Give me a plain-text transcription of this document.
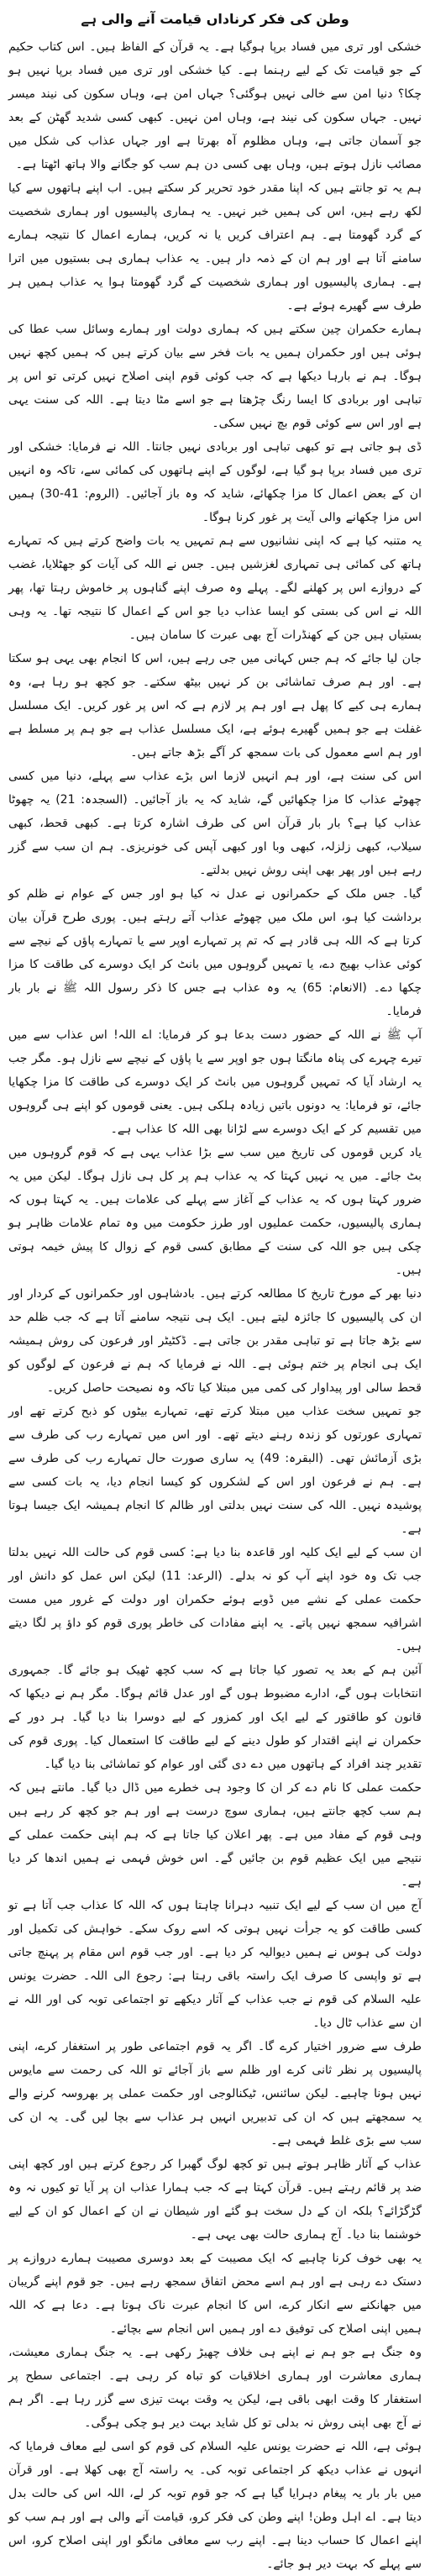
وطن کی فکر کرناداں قیامت آنے والی ہے

خشکی اور تری میں فساد برپا ہوگیا ہے۔ یہ قرآن کے الفاظ ہیں۔ اس کتاب حکیم کے جو قیامت تک کے لیے رہنما ہے۔ کیا خشکی اور تری میں فساد برپا نہیں ہو چکا؟ دنیا امن سے خالی نہیں ہوگئی؟ جہاں امن ہے، وہاں سکون کی نیند میسر نہیں۔ جہاں سکون کی نیند ہے، وہاں امن نہیں۔ کبھی کسی شدید گھٹن کے بعد جو آسمان جاتی ہے، وہاں مظلوم آہ بھرتا ہے اور جہاں عذاب کی شکل میں مصائب نازل ہوتے ہیں، وہاں بھی کسی دن ہم سب کو جگانے والا ہاتھ اٹھتا ہے۔

ہم یہ تو جانتے ہیں کہ اپنا مقدر خود تحریر کر سکتے ہیں۔ اب اپنے ہاتھوں سے کیا لکھ رہے ہیں، اس کی ہمیں خبر نہیں۔ یہ ہماری پالیسیوں اور ہماری شخصیت کے گرد گھومتا ہے۔ ہم اعتراف کریں یا نہ کریں، ہمارے اعمال کا نتیجہ ہمارے سامنے آتا ہے اور ہم ان کے ذمہ دار ہیں۔ یہ عذاب ہماری ہی بستیوں میں اترا ہے۔ ہماری پالیسیوں اور ہماری شخصیت کے گرد گھومتا ہوا یہ عذاب ہمیں ہر طرف سے گھیرے ہوئے ہے۔

ہمارے حکمران چین سکتے ہیں کہ ہماری دولت اور ہمارے وسائل سب عطا کی ہوئی ہیں اور حکمران ہمیں یہ بات فخر سے بیان کرتے ہیں کہ ہمیں کچھ نہیں ہوگا۔ ہم نے بارہا دیکھا ہے کہ جب کوئی قوم اپنی اصلاح نہیں کرتی تو اس پر تباہی اور بربادی کا ایسا رنگ چڑھتا ہے جو اسے مٹا دیتا ہے۔ اللہ کی سنت یہی ہے اور اس سے کوئی قوم بچ نہیں سکی۔

ڈی ہو جاتی ہے تو کبھی تباہی اور بربادی نہیں جانتا۔ اللہ نے فرمایا: خشکی اور تری میں فساد برپا ہو گیا ہے، لوگوں کے اپنے ہاتھوں کی کمائی سے، تاکہ وہ انہیں ان کے بعض اعمال کا مزا چکھائے، شاید کہ وہ باز آجائیں۔ (الروم: 41-30) ہمیں اس مزا چکھانے والی آیت پر غور کرنا ہوگا۔

یہ متنبہ کیا ہے کہ اپنی نشانیوں سے ہم تمہیں یہ بات واضح کرتے ہیں کہ تمہارے ہاتھ کی کمائی ہی تمہاری لغزشیں ہیں۔ جس نے اللہ کی آیات کو جھٹلایا، غضب کے دروازے اس پر کھلنے لگے۔ پہلے وہ صرف اپنے گناہوں پر خاموش رہتا تھا، پھر اللہ نے اس کی بستی کو ایسا عذاب دیا جو اس کے اعمال کا نتیجہ تھا۔ یہ وہی بستیاں ہیں جن کے کھنڈرات آج بھی عبرت کا سامان ہیں۔

جان لیا جائے کہ ہم جس کہانی میں جی رہے ہیں، اس کا انجام بھی یہی ہو سکتا ہے۔ اور ہم صرف تماشائی بن کر نہیں بیٹھ سکتے۔ جو کچھ ہو رہا ہے، وہ ہمارے ہی کیے کا پھل ہے اور ہم پر لازم ہے کہ اس پر غور کریں۔ ایک مسلسل غفلت ہے جو ہمیں گھیرے ہوئے ہے، ایک مسلسل عذاب ہے جو ہم پر مسلط ہے اور ہم اسے معمول کی بات سمجھ کر آگے بڑھ جاتے ہیں۔

اس کی سنت ہے، اور ہم انہیں لازما اس بڑے عذاب سے پہلے، دنیا میں کسی چھوٹے عذاب کا مزا چکھائیں گے، شاید کہ یہ باز آجائیں۔ (السجدہ: 21) یہ چھوٹا عذاب کیا ہے؟ بار بار قرآن اس کی طرف اشارہ کرتا ہے۔ کبھی قحط، کبھی سیلاب، کبھی زلزلہ، کبھی وبا اور کبھی آپس کی خونریزی۔ ہم ان سب سے گزر رہے ہیں اور پھر بھی اپنی روش نہیں بدلتے۔

گیا۔ جس ملک کے حکمرانوں نے عدل نہ کیا ہو اور جس کے عوام نے ظلم کو برداشت کیا ہو، اس ملک میں چھوٹے عذاب آتے رہتے ہیں۔ پوری طرح قرآن بیان کرتا ہے کہ اللہ ہی قادر ہے کہ تم پر تمہارے اوپر سے یا تمہارے پاؤں کے نیچے سے کوئی عذاب بھیج دے، یا تمہیں گروہوں میں بانٹ کر ایک دوسرے کی طاقت کا مزا چکھا دے۔ (الانعام: 65) یہ وہ عذاب ہے جس کا ذکر رسول اللہ ﷺ نے بار بار فرمایا۔

آپ ﷺ نے اللہ کے حضور دست بدعا ہو کر فرمایا: اے اللہ! اس عذاب سے میں تیرے چہرے کی پناہ مانگتا ہوں جو اوپر سے یا پاؤں کے نیچے سے نازل ہو۔ مگر جب یہ ارشاد آیا کہ تمہیں گروہوں میں بانٹ کر ایک دوسرے کی طاقت کا مزا چکھایا جائے، تو فرمایا: یہ دونوں باتیں زیادہ ہلکی ہیں۔ یعنی قوموں کو اپنے ہی گروہوں میں تقسیم کر کے ایک دوسرے سے لڑانا بھی اللہ کا عذاب ہے۔

یاد کریں قوموں کی تاریخ میں سب سے بڑا عذاب یہی ہے کہ قوم گروہوں میں بٹ جائے۔ میں یہ نہیں کہتا کہ یہ عذاب ہم پر کل ہی نازل ہوگا۔ لیکن میں یہ ضرور کہتا ہوں کہ یہ عذاب کے آغاز سے پہلے کی علامات ہیں۔ یہ کہتا ہوں کہ ہماری پالیسیوں، حکمت عملیوں اور طرز حکومت میں وہ تمام علامات ظاہر ہو چکی ہیں جو اللہ کی سنت کے مطابق کسی قوم کے زوال کا پیش خیمہ ہوتی ہیں۔

دنیا بھر کے مورخ تاریخ کا مطالعہ کرتے ہیں۔ بادشاہوں اور حکمرانوں کے کردار اور ان کی پالیسیوں کا جائزہ لیتے ہیں۔ ایک ہی نتیجہ سامنے آتا ہے کہ جب ظلم حد سے بڑھ جاتا ہے تو تباہی مقدر بن جاتی ہے۔ ڈکٹیٹر اور فرعون کی روش ہمیشہ ایک ہی انجام پر ختم ہوئی ہے۔ اللہ نے فرمایا کہ ہم نے فرعون کے لوگوں کو قحط سالی اور پیداوار کی کمی میں مبتلا کیا تاکہ وہ نصیحت حاصل کریں۔

جو تمہیں سخت عذاب میں مبتلا کرتے تھے، تمہارے بیٹوں کو ذبح کرتے تھے اور تمہاری عورتوں کو زندہ رہنے دیتے تھے۔ اور اس میں تمہارے رب کی طرف سے بڑی آزمائش تھی۔ (البقرہ: 49) یہ ساری صورت حال تمہارے رب کی طرف سے ہے۔ ہم نے فرعون اور اس کے لشکروں کو کیسا انجام دیا، یہ بات کسی سے پوشیدہ نہیں۔ اللہ کی سنت نہیں بدلتی اور ظالم کا انجام ہمیشہ ایک جیسا ہوتا ہے۔

ان سب کے لیے ایک کلیہ اور قاعدہ بنا دیا ہے: کسی قوم کی حالت اللہ نہیں بدلتا جب تک وہ خود اپنے آپ کو نہ بدلے۔ (الرعد: 11) لیکن اس عمل کو دانش اور حکمت عملی کے نشے میں ڈوبے ہوئے حکمران اور دولت کے غرور میں مست اشرافیہ سمجھ نہیں پاتے۔ یہ اپنے مفادات کی خاطر پوری قوم کو داؤ پر لگا دیتے ہیں۔

آئین ہم کے بعد یہ تصور کیا جاتا ہے کہ سب کچھ ٹھیک ہو جائے گا۔ جمہوری انتخابات ہوں گے، ادارے مضبوط ہوں گے اور عدل قائم ہوگا۔ مگر ہم نے دیکھا کہ قانون کو طاقتور کے لیے ایک اور کمزور کے لیے دوسرا بنا دیا گیا۔ ہر دور کے حکمران نے اپنے اقتدار کو طول دینے کے لیے طاقت کا استعمال کیا۔ پوری قوم کی تقدیر چند افراد کے ہاتھوں میں دے دی گئی اور عوام کو تماشائی بنا دیا گیا۔

حکمت عملی کا نام دے کر ان کا وجود ہی خطرے میں ڈال دیا گیا۔ مانتے ہیں کہ ہم سب کچھ جانتے ہیں، ہماری سوچ درست ہے اور ہم جو کچھ کر رہے ہیں وہی قوم کے مفاد میں ہے۔ پھر اعلان کیا جاتا ہے کہ ہم اپنی حکمت عملی کے نتیجے میں ایک عظیم قوم بن جائیں گے۔ اس خوش فہمی نے ہمیں اندھا کر دیا ہے۔

آج میں ان سب کے لیے ایک تنبیہ دہرانا چاہتا ہوں کہ اللہ کا عذاب جب آتا ہے تو کسی طاقت کو یہ جرأت نہیں ہوتی کہ اسے روک سکے۔ خواہش کی تکمیل اور دولت کی ہوس نے ہمیں دیوالیہ کر دیا ہے۔ اور جب قوم اس مقام پر پہنچ جاتی ہے تو واپسی کا صرف ایک راستہ باقی رہتا ہے: رجوع الی اللہ۔ حضرت یونس علیہ السلام کی قوم نے جب عذاب کے آثار دیکھے تو اجتماعی توبہ کی اور اللہ نے ان سے عذاب ٹال دیا۔

طرف سے ضرور اختیار کرے گا۔ اگر یہ قوم اجتماعی طور پر استغفار کرے، اپنی پالیسیوں پر نظر ثانی کرے اور ظلم سے باز آجائے تو اللہ کی رحمت سے مایوس نہیں ہونا چاہیے۔ لیکن سائنس، ٹیکنالوجی اور حکمت عملی پر بھروسہ کرنے والے یہ سمجھتے ہیں کہ ان کی تدبیریں انہیں ہر عذاب سے بچا لیں گی۔ یہ ان کی سب سے بڑی غلط فہمی ہے۔

عذاب کے آثار ظاہر ہوتے ہیں تو کچھ لوگ گھبرا کر رجوع کرتے ہیں اور کچھ اپنی ضد پر قائم رہتے ہیں۔ قرآن کہتا ہے کہ جب ہمارا عذاب ان پر آیا تو کیوں نہ وہ گڑگڑائے؟ بلکہ ان کے دل سخت ہو گئے اور شیطان نے ان کے اعمال کو ان کے لیے خوشنما بنا دیا۔ آج ہماری حالت بھی یہی ہے۔

یہ بھی خوف کرنا چاہیے کہ ایک مصیبت کے بعد دوسری مصیبت ہمارے دروازے پر دستک دے رہی ہے اور ہم اسے محض اتفاق سمجھ رہے ہیں۔ جو قوم اپنے گریبان میں جھانکنے سے انکار کرے، اس کا انجام عبرت ناک ہوتا ہے۔ دعا ہے کہ اللہ ہمیں اپنی اصلاح کی توفیق دے اور ہمیں اس انجام سے بچائے۔

وہ جنگ ہے جو ہم نے اپنے ہی خلاف چھیڑ رکھی ہے۔ یہ جنگ ہماری معیشت، ہماری معاشرت اور ہماری اخلاقیات کو تباہ کر رہی ہے۔ اجتماعی سطح پر استغفار کا وقت ابھی باقی ہے، لیکن یہ وقت بہت تیزی سے گزر رہا ہے۔ اگر ہم نے آج بھی اپنی روش نہ بدلی تو کل شاید بہت دیر ہو چکی ہوگی۔

ہوئی ہے، اللہ نے حضرت یونس علیہ السلام کی قوم کو اسی لیے معاف فرمایا کہ انہوں نے عذاب دیکھ کر اجتماعی توبہ کی۔ یہ راستہ آج بھی کھلا ہے۔ اور قرآن میں بار بار یہ پیغام دہرایا گیا ہے کہ جو قوم توبہ کر لے، اللہ اس کی حالت بدل دیتا ہے۔ اے اہل وطن! اپنے وطن کی فکر کرو، قیامت آنے والی ہے اور ہم سب کو اپنے اعمال کا حساب دینا ہے۔ اپنے رب سے معافی مانگو اور اپنی اصلاح کرو، اس سے پہلے کہ بہت دیر ہو جائے۔
